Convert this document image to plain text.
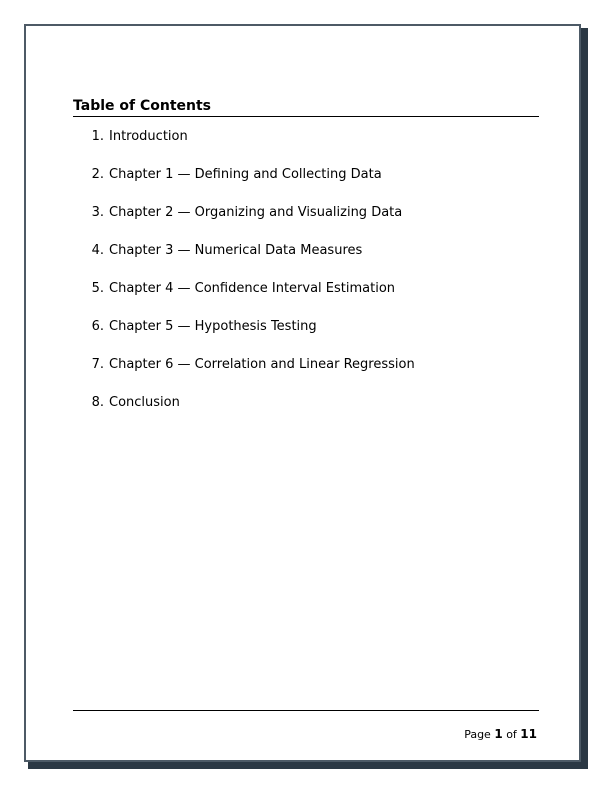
Table of Contents
1. Introduction
2. Chapter 1 — Defining and Collecting Data
3. Chapter 2 — Organizing and Visualizing Data
4. Chapter 3 — Numerical Data Measures
5. Chapter 4 — Confidence Interval Estimation
6. Chapter 5 — Hypothesis Testing
7. Chapter 6 — Correlation and Linear Regression
8. Conclusion
Page 1 of 11
